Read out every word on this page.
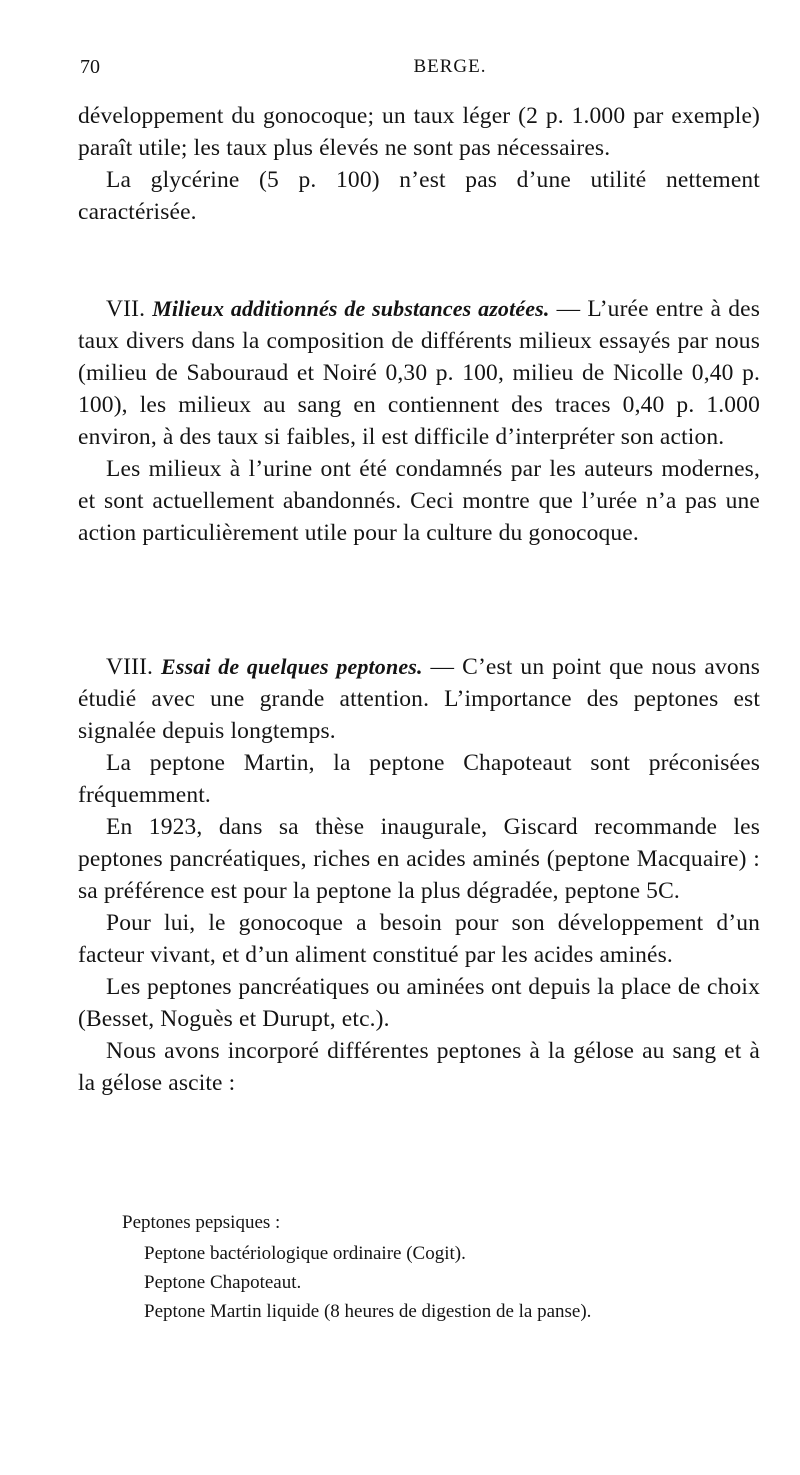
70	BERGE.

développement du gonocoque; un taux léger (2 p. 1.000 par exemple) paraît utile; les taux plus élevés ne sont pas nécessaires.

La glycérine (5 p. 100) n’est pas d’une utilité nettement caractérisée.

VII. Milieux additionnés de substances azotées. — L’urée entre à des taux divers dans la composition de différents milieux essayés par nous (milieu de Sabouraud et Noiré 0,30 p. 100, milieu de Nicolle 0,40 p. 100), les milieux au sang en contiennent des traces 0,40 p. 1.000 environ, à des taux si faibles, il est difficile d’interpréter son action.

Les milieux à l’urine ont été condamnés par les auteurs modernes, et sont actuellement abandonnés. Ceci montre que l’urée n’a pas une action particulièrement utile pour la culture du gonocoque.

VIII. Essai de quelques peptones. — C’est un point que nous avons étudié avec une grande attention. L’importance des peptones est signalée depuis longtemps.

La peptone Martin, la peptone Chapoteaut sont préconisées fréquemment.

En 1923, dans sa thèse inaugurale, Giscard recommande les peptones pancréatiques, riches en acides aminés (peptone Macquaire) : sa préférence est pour la peptone la plus dégradée, peptone 5C.

Pour lui, le gonocoque a besoin pour son développement d’un facteur vivant, et d’un aliment constitué par les acides aminés.

Les peptones pancréatiques ou aminées ont depuis la place de choix (Besset, Noguès et Durupt, etc.).

Nous avons incorporé différentes peptones à la gélose au sang et à la gélose ascite :

Peptones pepsiques :

Peptone bactériologique ordinaire (Cogit).
Peptone Chapoteaut.
Peptone Martin liquide (8 heures de digestion de la panse).
